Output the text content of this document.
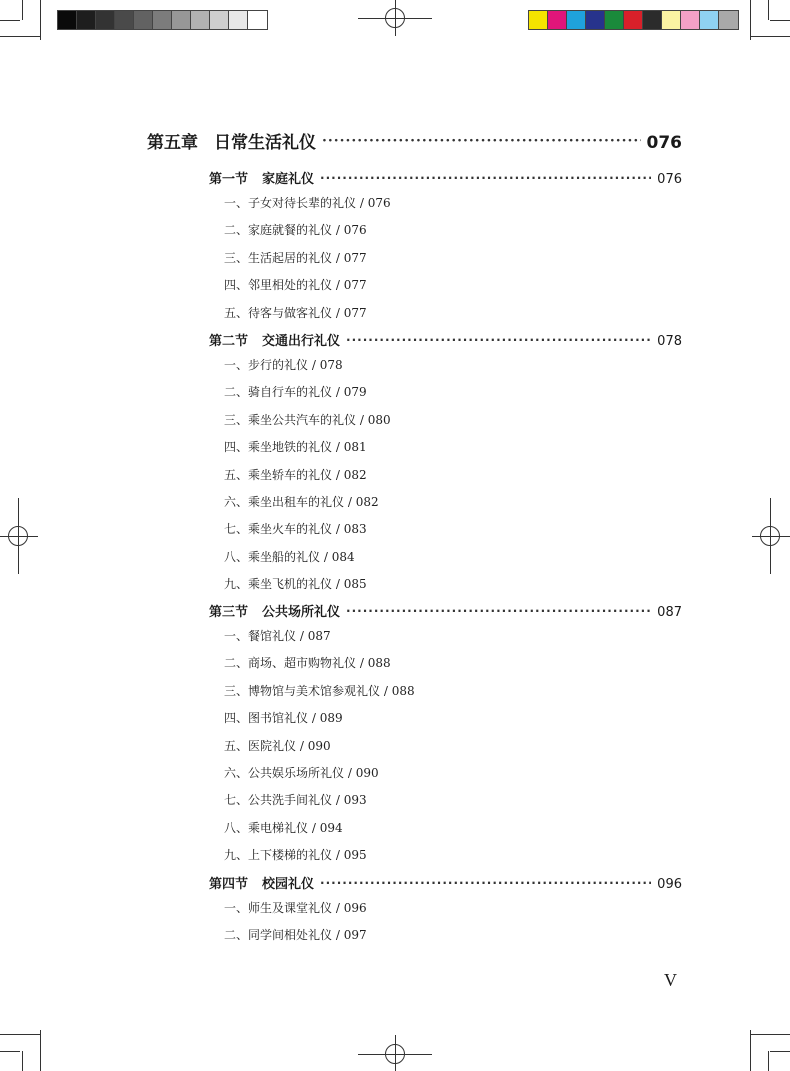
第五章 日常生活礼仪 ·····	076
第一节 家庭礼仪 ·····	076
一、 子女对待长辈的礼仪 / 076
二、 家庭就餐的礼仪 / 076
三、 生活起居的礼仪 / 077
四、 邻里相处的礼仪 / 077
五、 待客与做客礼仪 / 077
第二节 交通出行礼仪 ·····	078
一、 步行的礼仪 / 078
二、 骑自行车的礼仪 / 079
三、 乘坐公共汽车的礼仪 / 080
四、 乘坐地铁的礼仪 / 081
五、 乘坐轿车的礼仪 / 082
六、 乘坐出租车的礼仪 / 082
七、 乘坐火车的礼仪 / 083
八、 乘坐船的礼仪 / 084
九、 乘坐飞机的礼仪 / 085
第三节 公共场所礼仪 ·····	087
一、 餐馆礼仪 / 087
二、 商场、超市购物礼仪 / 088
三、 博物馆与美术馆参观礼仪 / 088
四、 图书馆礼仪 / 089
五、 医院礼仪 / 090
六、 公共娱乐场所礼仪 / 090
七、 公共洗手间礼仪 / 093
八、 乘电梯礼仪 / 094
九、 上下楼梯的礼仪 / 095
第四节 校园礼仪 ·····	096
一、 师生及课堂礼仪 / 096
二、 同学间相处礼仪 / 097
V
